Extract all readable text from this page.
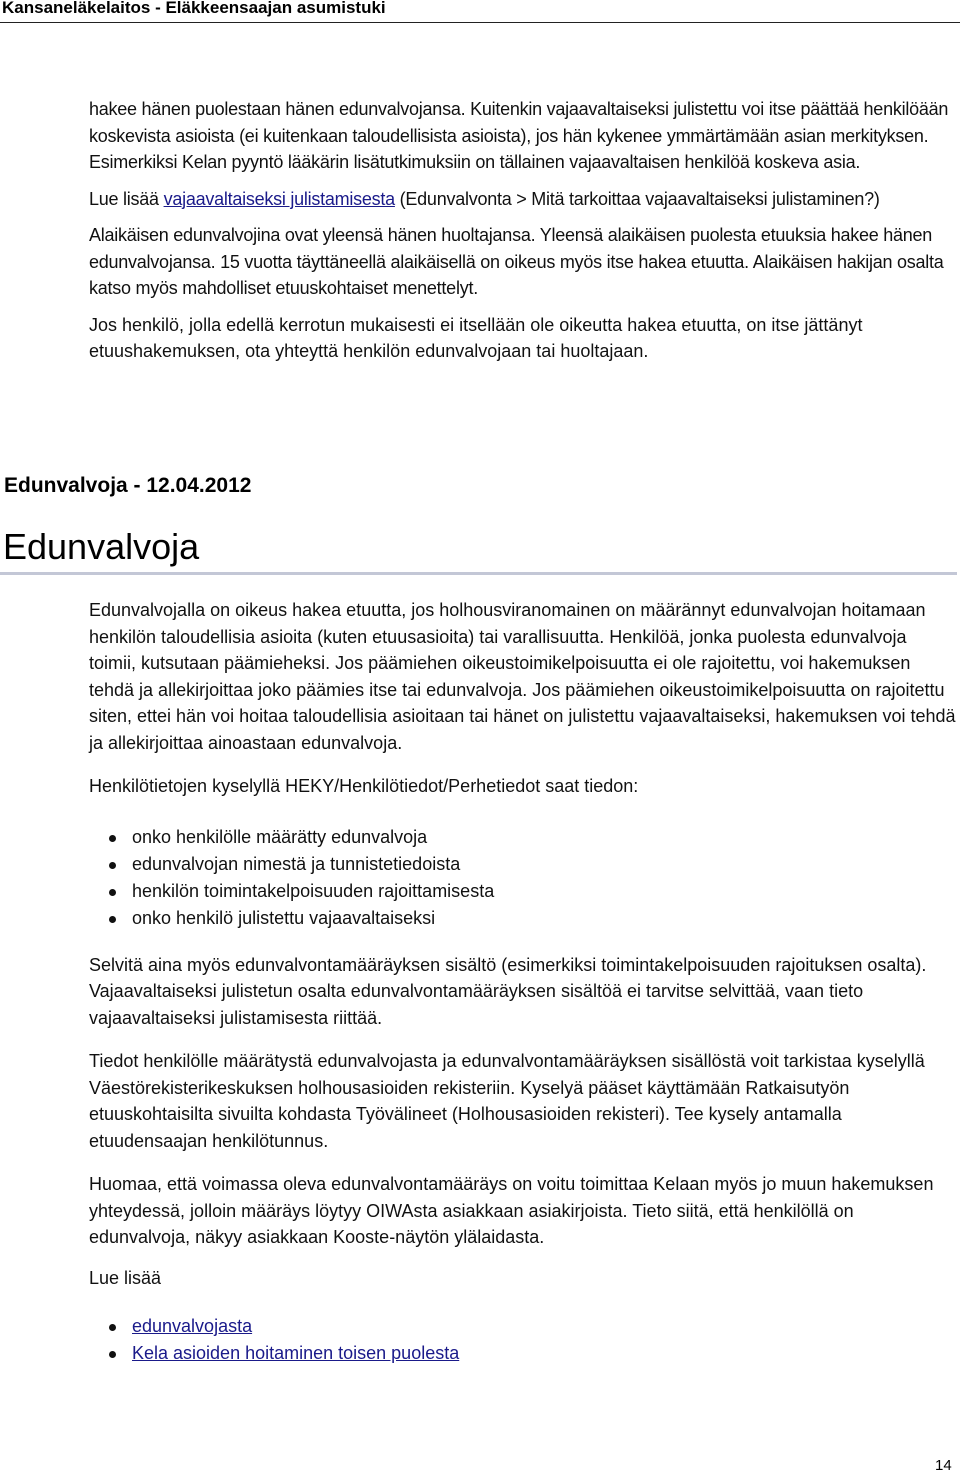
Kansaneläkelaitos - Eläkkeensaajan asumistuki

hakee hänen puolestaan hänen edunvalvojansa. Kuitenkin vajaavaltaiseksi julistettu voi itse päättää henkilöään koskevista asioista (ei kuitenkaan taloudellisista asioista), jos hän kykenee ymmärtämään asian merkityksen. Esimerkiksi Kelan pyyntö lääkärin lisätutkimuksiin on tällainen vajaavaltaisen henkilöä koskeva asia.

Lue lisää vajaavaltaiseksi julistamisesta (Edunvalvonta > Mitä tarkoittaa vajaavaltaiseksi julistaminen?)

Alaikäisen edunvalvojina ovat yleensä hänen huoltajansa. Yleensä alaikäisen puolesta etuuksia hakee hänen edunvalvojansa. 15 vuotta täyttäneellä alaikäisellä on oikeus myös itse hakea etuutta. Alaikäisen hakijan osalta katso myös mahdolliset etuuskohtaiset menettelyt.

Jos henkilö, jolla edellä kerrotun mukaisesti ei itsellään ole oikeutta hakea etuutta, on itse jättänyt etuushakemuksen, ota yhteyttä henkilön edunvalvojaan tai huoltajaan.

Edunvalvoja - 12.04.2012
Edunvalvoja

Edunvalvojalla on oikeus hakea etuutta, jos holhousviranomainen on määrännyt edunvalvojan hoitamaan henkilön taloudellisia asioita (kuten etuusasioita) tai varallisuutta. Henkilöä, jonka puolesta edunvalvoja toimii, kutsutaan päämieheksi. Jos päämiehen oikeustoimikelpoisuutta ei ole rajoitettu, voi hakemuksen tehdä ja allekirjoittaa joko päämies itse tai edunvalvoja. Jos päämiehen oikeustoimikelpoisuutta on rajoitettu siten, ettei hän voi hoitaa taloudellisia asioitaan tai hänet on julistettu vajaavaltaiseksi, hakemuksen voi tehdä ja allekirjoittaa ainoastaan edunvalvoja.

Henkilötietojen kyselyllä HEKY/Henkilötiedot/Perhetiedot saat tiedon:

onko henkilölle määrätty edunvalvoja
edunvalvojan nimestä ja tunnistetiedoista
henkilön toimintakelpoisuuden rajoittamisesta
onko henkilö julistettu vajaavaltaiseksi

Selvitä aina myös edunvalvontamääräyksen sisältö (esimerkiksi toimintakelpoisuuden rajoituksen osalta). Vajaavaltaiseksi julistetun osalta edunvalvontamääräyksen sisältöä ei tarvitse selvittää, vaan tieto vajaavaltaiseksi julistamisesta riittää.

Tiedot henkilölle määrätystä edunvalvojasta ja edunvalvontamääräyksen sisällöstä voit tarkistaa kyselyllä Väestörekisterikeskuksen holhousasioiden rekisteriin. Kyselyä pääset käyttämään Ratkaisutyön etuuskohtaisilta sivuilta kohdasta Työvälineet (Holhousasioiden rekisteri). Tee kysely antamalla etuudensaajan henkilötunnus.

Huomaa, että voimassa oleva edunvalvontamääräys on voitu toimittaa Kelaan myös jo muun hakemuksen yhteydessä, jolloin määräys löytyy OIWAsta asiakkaan asiakirjoista. Tieto siitä, että henkilöllä on edunvalvoja, näkyy asiakkaan Kooste-näytön ylälaidasta.

Lue lisää

edunvalvojasta
Kela asioiden hoitaminen toisen puolesta
14
